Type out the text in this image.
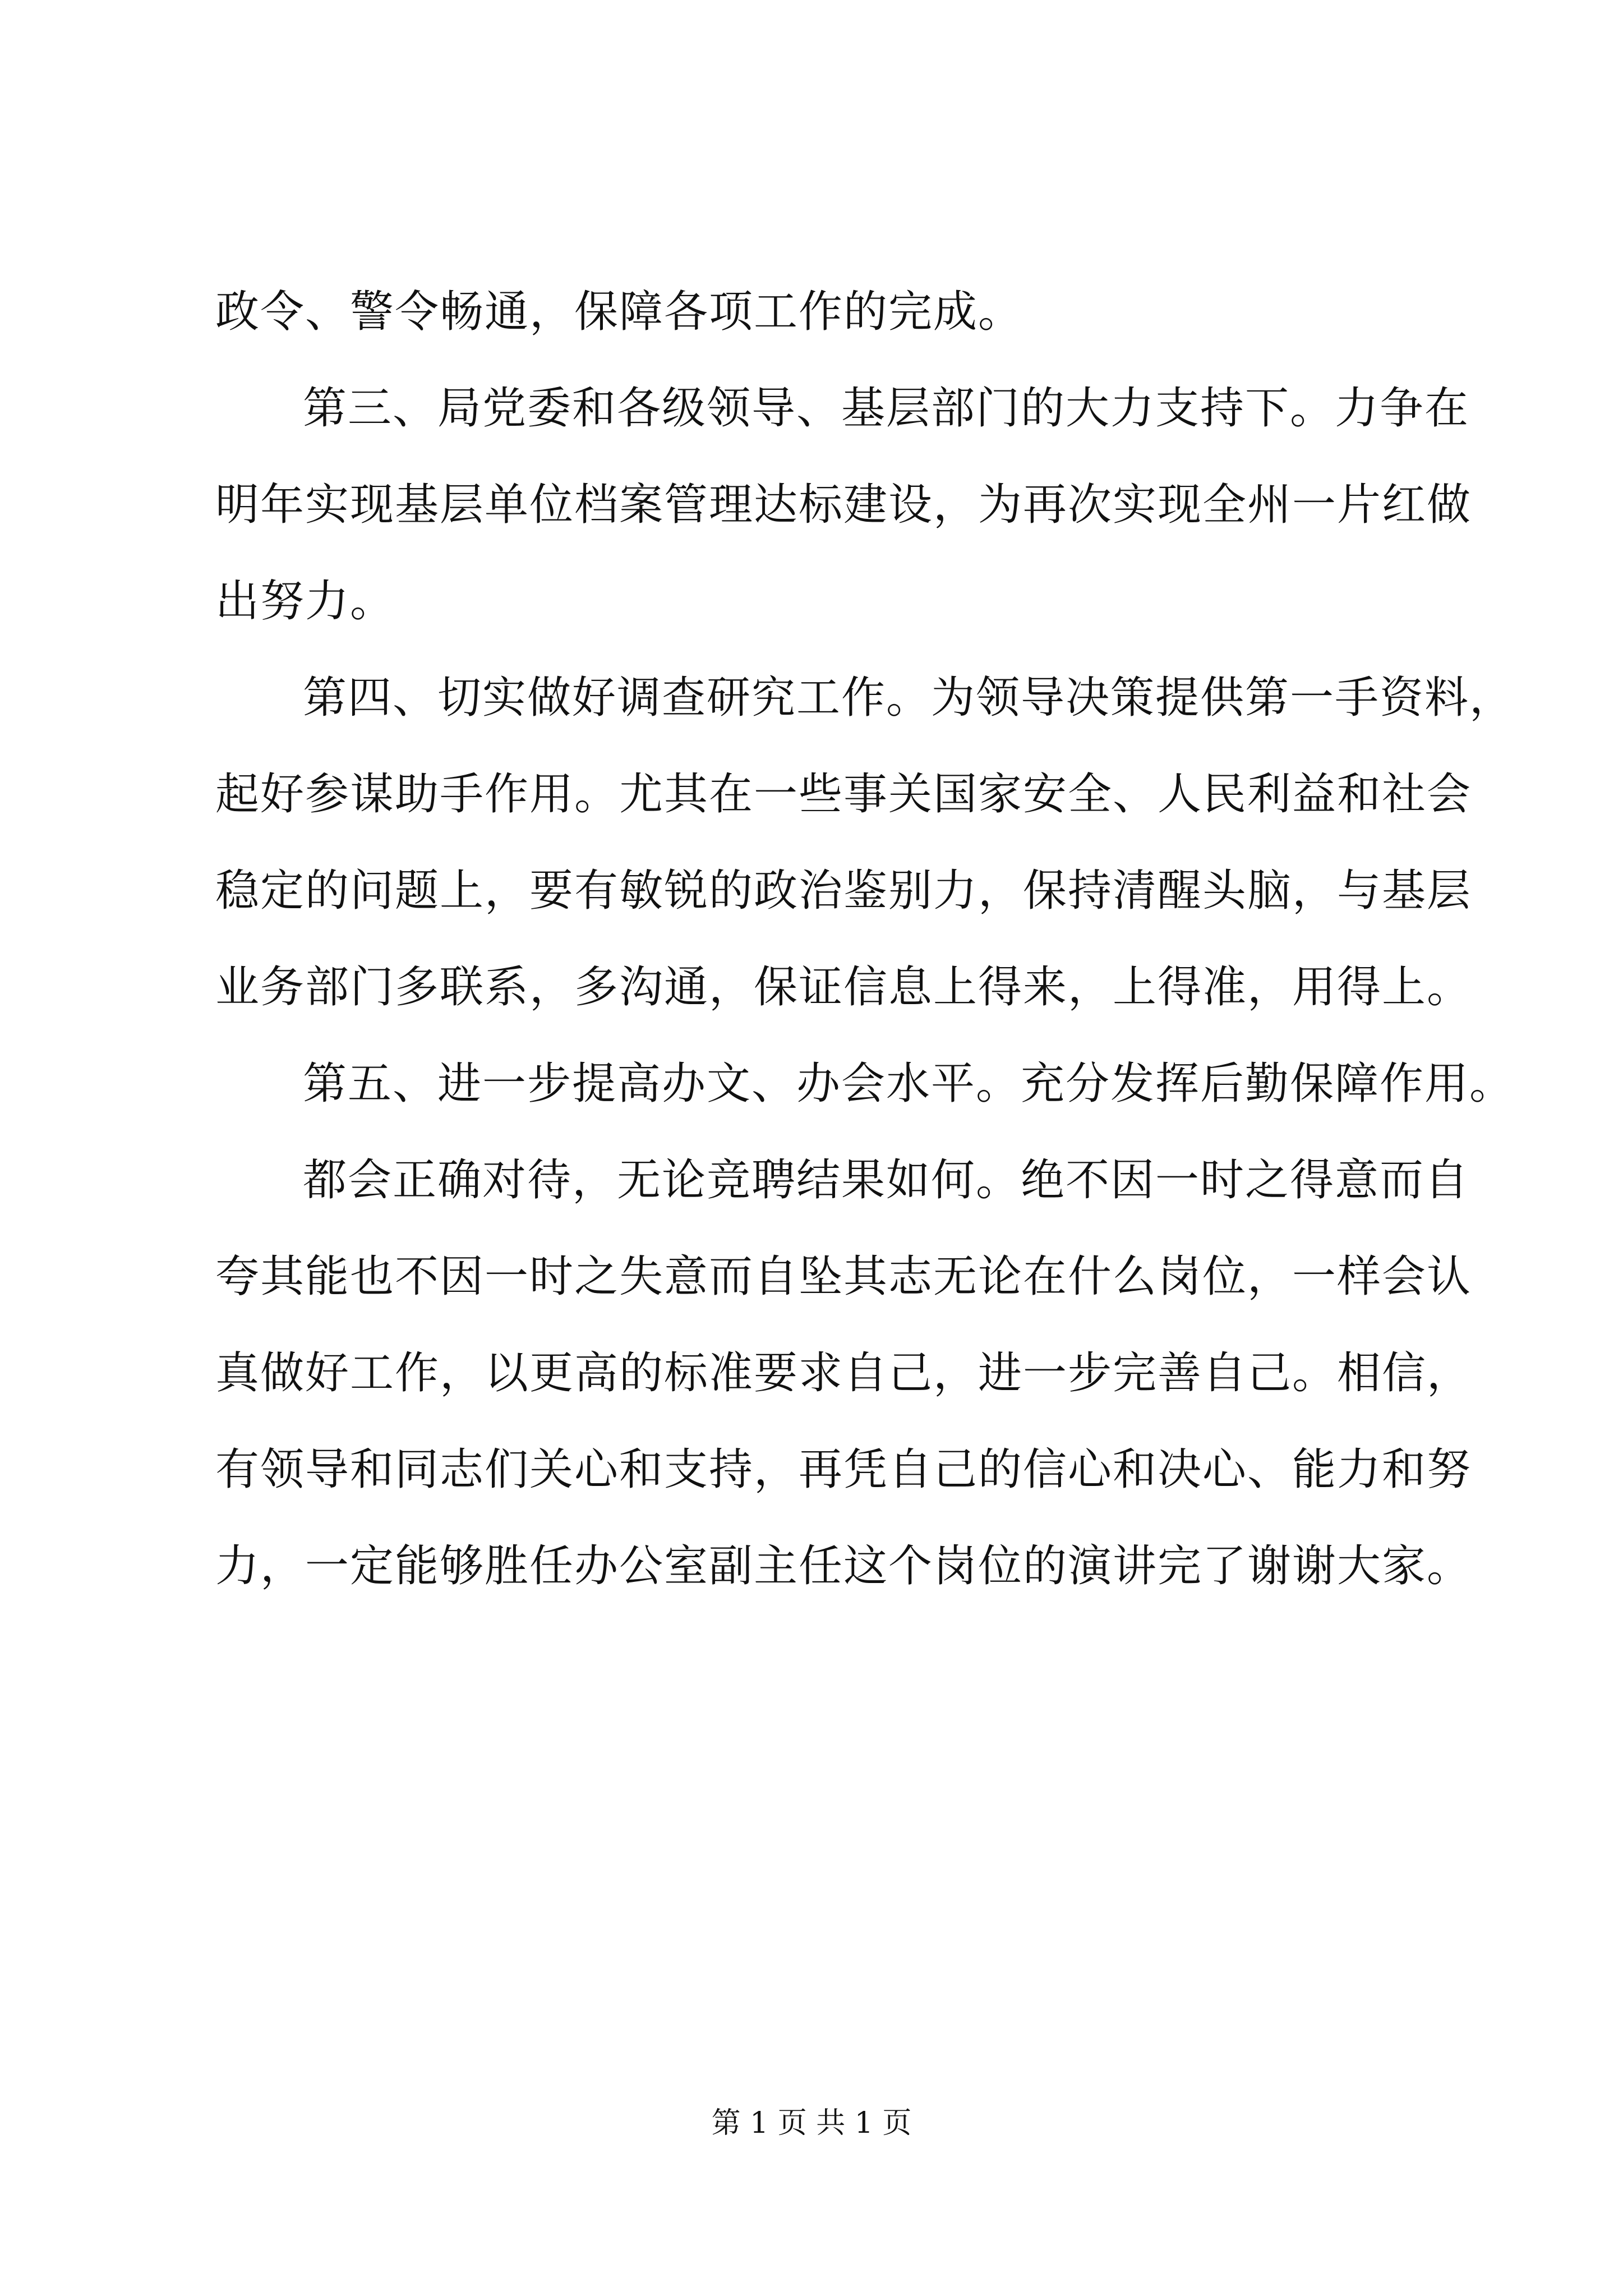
政令、警令畅通，保障各项工作的完成。
第三、局党委和各级领导、基层部门的大力支持下。力争在
明年实现基层单位档案管理达标建设，为再次实现全州一片红做
出努力。
第四、切实做好调查研究工作。为领导决策提供第一手资料，
起好参谋助手作用。尤其在一些事关国家安全、人民利益和社会
稳定的问题上，要有敏锐的政治鉴别力，保持清醒头脑，与基层
业务部门多联系，多沟通，保证信息上得来，上得准，用得上。
第五、进一步提高办文、办会水平。充分发挥后勤保障作用。
都会正确对待，无论竞聘结果如何。绝不因一时之得意而自
夸其能也不因一时之失意而自坠其志无论在什么岗位，一样会认
真做好工作，以更高的标准要求自己，进一步完善自己。相信，
有领导和同志们关心和支持，再凭自己的信心和决心、能力和努
力，一定能够胜任办公室副主任这个岗位的演讲完了谢谢大家。
第 1 页 共 1 页
